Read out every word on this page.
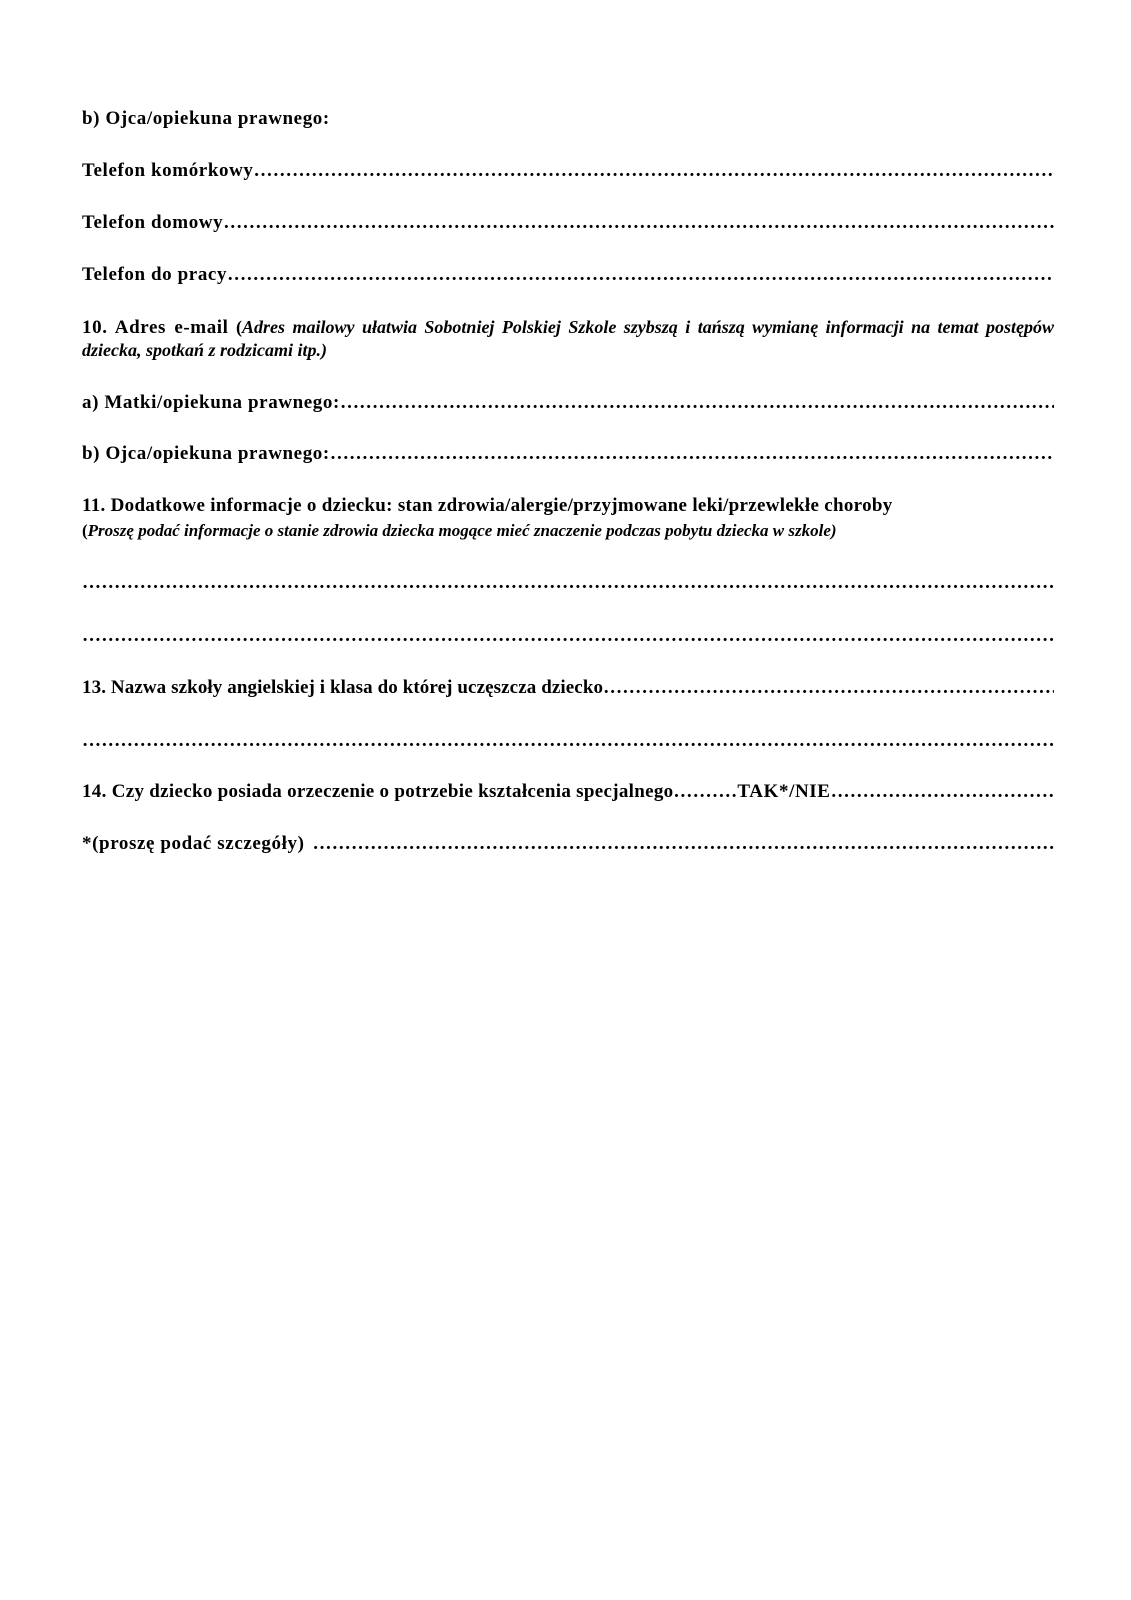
b) Ojca/opiekuna prawnego:
Telefon komórkowy
……………………………………………………………………………………………………………………………………………………………………………………………
Telefon domowy
……………………………………………………………………………………………………………………………………………………………………………………………
Telefon do pracy
……………………………………………………………………………………………………………………………………………………………………………………………
10. Adres e-mail (Adres mailowy ułatwia Sobotniej Polskiej Szkole szybszą i tańszą wymianę informacji na temat postępów dziecka, spotkań z rodzicami itp.)
a) Matki/opiekuna prawnego:
……………………………………………………………………………………………………………………………………………………………………………………………
b) Ojca/opiekuna prawnego:
……………………………………………………………………………………………………………………………………………………………………………………………
11. Dodatkowe informacje o dziecku: stan zdrowia/alergie/przyjmowane leki/przewlekłe choroby
(Proszę podać informacje o stanie zdrowia dziecka mogące mieć znaczenie podczas pobytu dziecka w szkole)
……………………………………………………………………………………………………………………………………………………………………………………………
……………………………………………………………………………………………………………………………………………………………………………………………
13. Nazwa szkoły angielskiej i klasa do której uczęszcza dziecko
……………………………………………………………………………………………………………………………………………………………………………………………
……………………………………………………………………………………………………………………………………………………………………………………………
14. Czy dziecko posiada orzeczenie o potrzebie kształcenia specjalnego ……………………………………………………………………………………………………………………………………………………………………………………………	TAK*/NIE
……………………………………………………………………………………………………………………………………………………………………………………………
*(proszę podać szczegóły)
……………………………………………………………………………………………………………………………………………………………………………………………
